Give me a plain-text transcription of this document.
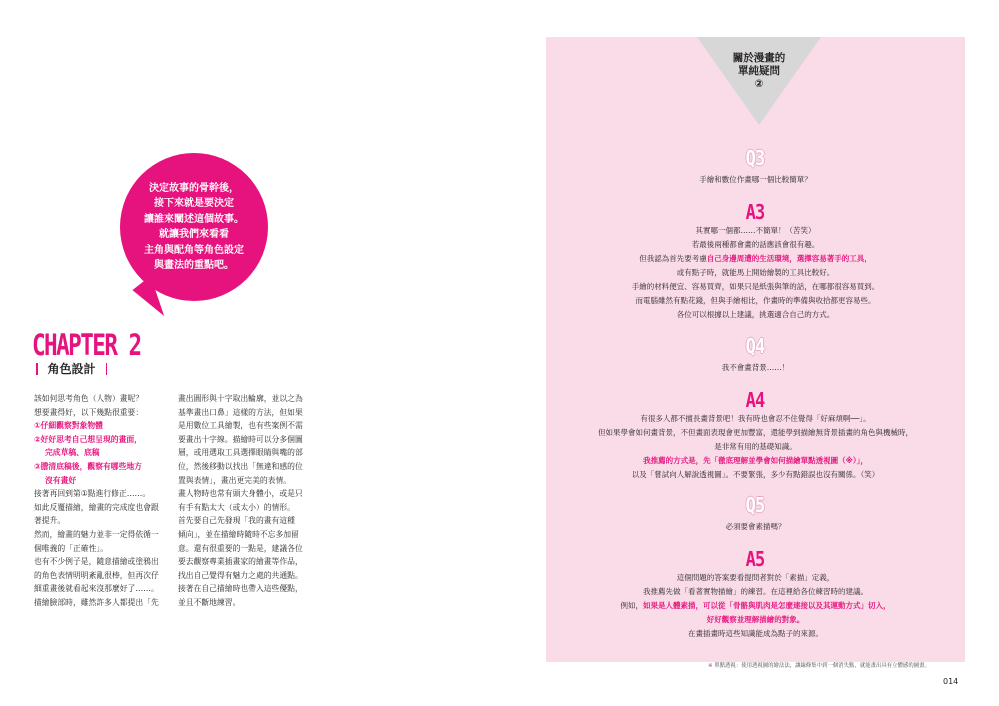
決定故事的骨幹後，
接下來就是要決定
讓誰來闡述這個故事。
就讓我們來看看
主角與配角等角色設定
與畫法的重點吧。
CHAPTER 2
角色設計

該如何思考角色（人物）畫呢？

想要畫得好，以下幾點很重要：

①仔細觀察對象物體

②好好思考自己想呈現的畫面，

完成草稿、底稿

③謄清底稿後，觀察有哪些地方

沒有畫好

接著再回到第①點進行修正……。

如此反覆描繪，繪畫的完成度也會跟

著提升。

然而，繪畫的魅力並非一定得依循一

個唯義的「正確性」。

也有不少例子是，隨意描繪或塗鴉出

的角色表情明明紊亂很棒，但再次仔

細重畫後就看起來沒那麼好了……。

描繪臉部時，雖然許多人都提出「先

畫出圓形與十字取出輪廓，並以之為

基準畫出口鼻」這樣的方法，但如果

是用數位工具繪製，也有些案例不需

要畫出十字線。描繪時可以分多個圖

層，或用選取工具選擇眼睛與嘴的部

位，然後移動以找出「無違和感的位

置與表情」，畫出更完美的表情。

畫人物時也常有頭大身體小，或是只

有手有點太大（或太小）的情形。

首先要自己先發現「我的畫有這種

傾向」，並在描繪時隨時不忘多加留

意。還有很重要的一點是，建議各位

要去觀察專業插畫家的繪畫等作品，

找出自己覺得有魅力之處的共通點。

接著在自己描繪時也帶入這些優點，

並且不斷地練習。

關於漫畫的
單純疑問
②
Q3
手繪和數位作畫哪一個比較簡單？
A3
其實哪一個都……不簡單！（苦笑）
若最後兩種都會畫的話應該會很有趣。
但我認為首先要考慮自己身邊周遭的生活環境，選擇容易著手的工具，
或有點子時，就能馬上開始繪製的工具比較好。
手繪的材料便宜、容易買齊，如果只是紙張與筆的話，在哪都很容易買到。
而電腦雖然有點花錢，但與手繪相比，作畫時的準備與收拾都更容易些。
各位可以根據以上建議，挑選適合自己的方式。
Q4
我不會畫背景……！
A4
有很多人都不擅長畫背景吧！我有時也會忍不住覺得「好麻煩啊──」。
但如果學會如何畫背景，不但畫面表現會更加豐富，還能學到描繪無背景插畫的角色與機械時，
是非常有用的基礎知識。
我推薦的方式是，先「徹底理解並學會如何描繪單點透視圖（※）」，
以及「嘗試向人解說透視圖」。不要緊張，多少有點錯誤也沒有關係。（笑）
Q5
必須要會素描嗎？
A5
這個問題的答案要看提問者對於「素描」定義，
我推薦先做「看著實物描繪」的練習。在這裡給各位練習時的建議。
例如，如果是人體素描，可以從「骨骼與肌肉是怎麼連接以及其運動方式」切入，
好好觀察並理解描繪的對象。
在畫插畫時這些知識能成為點子的來源。
※ 單點透視：使用透視圖的繪法法，讓線條集中到一個消失點，就能畫出具有立體感的圖畫。
014
